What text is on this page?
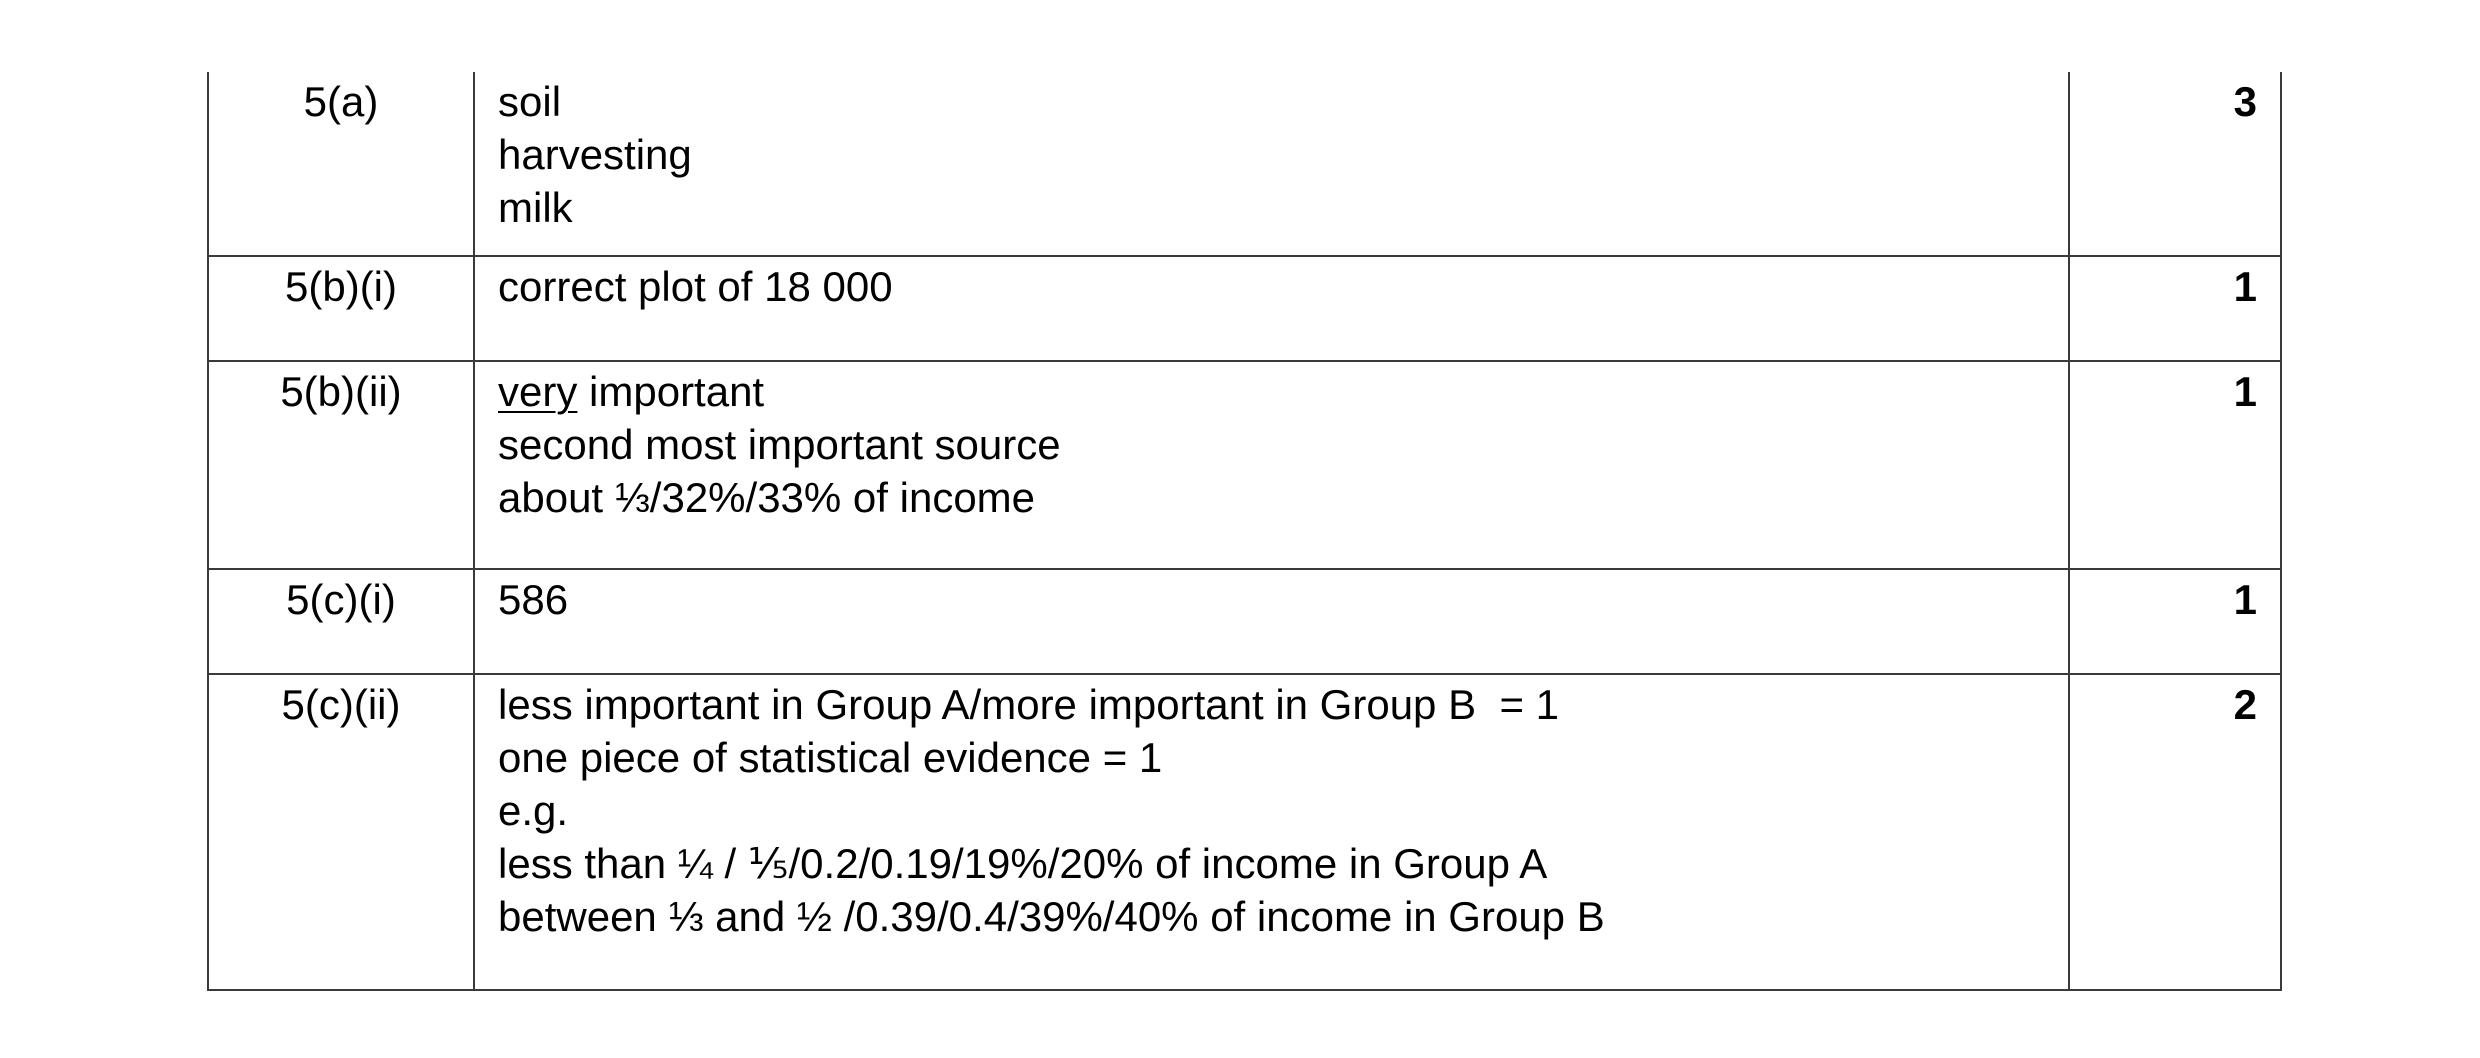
5(a)	soil
harvesting
milk	3
5(b)(i)	correct plot of 18 000	1
5(b)(ii)	very important
second most important source
about ⅓/32%/33% of income	1
5(c)(i)	586	1
5(c)(ii)	less important in Group A/more important in Group B  = 1
one piece of statistical evidence = 1
e.g.
less than ¼ / ⅕/0.2/0.19/19%/20% of income in Group A
between ⅓ and ½ /0.39/0.4/39%/40% of income in Group B	2
